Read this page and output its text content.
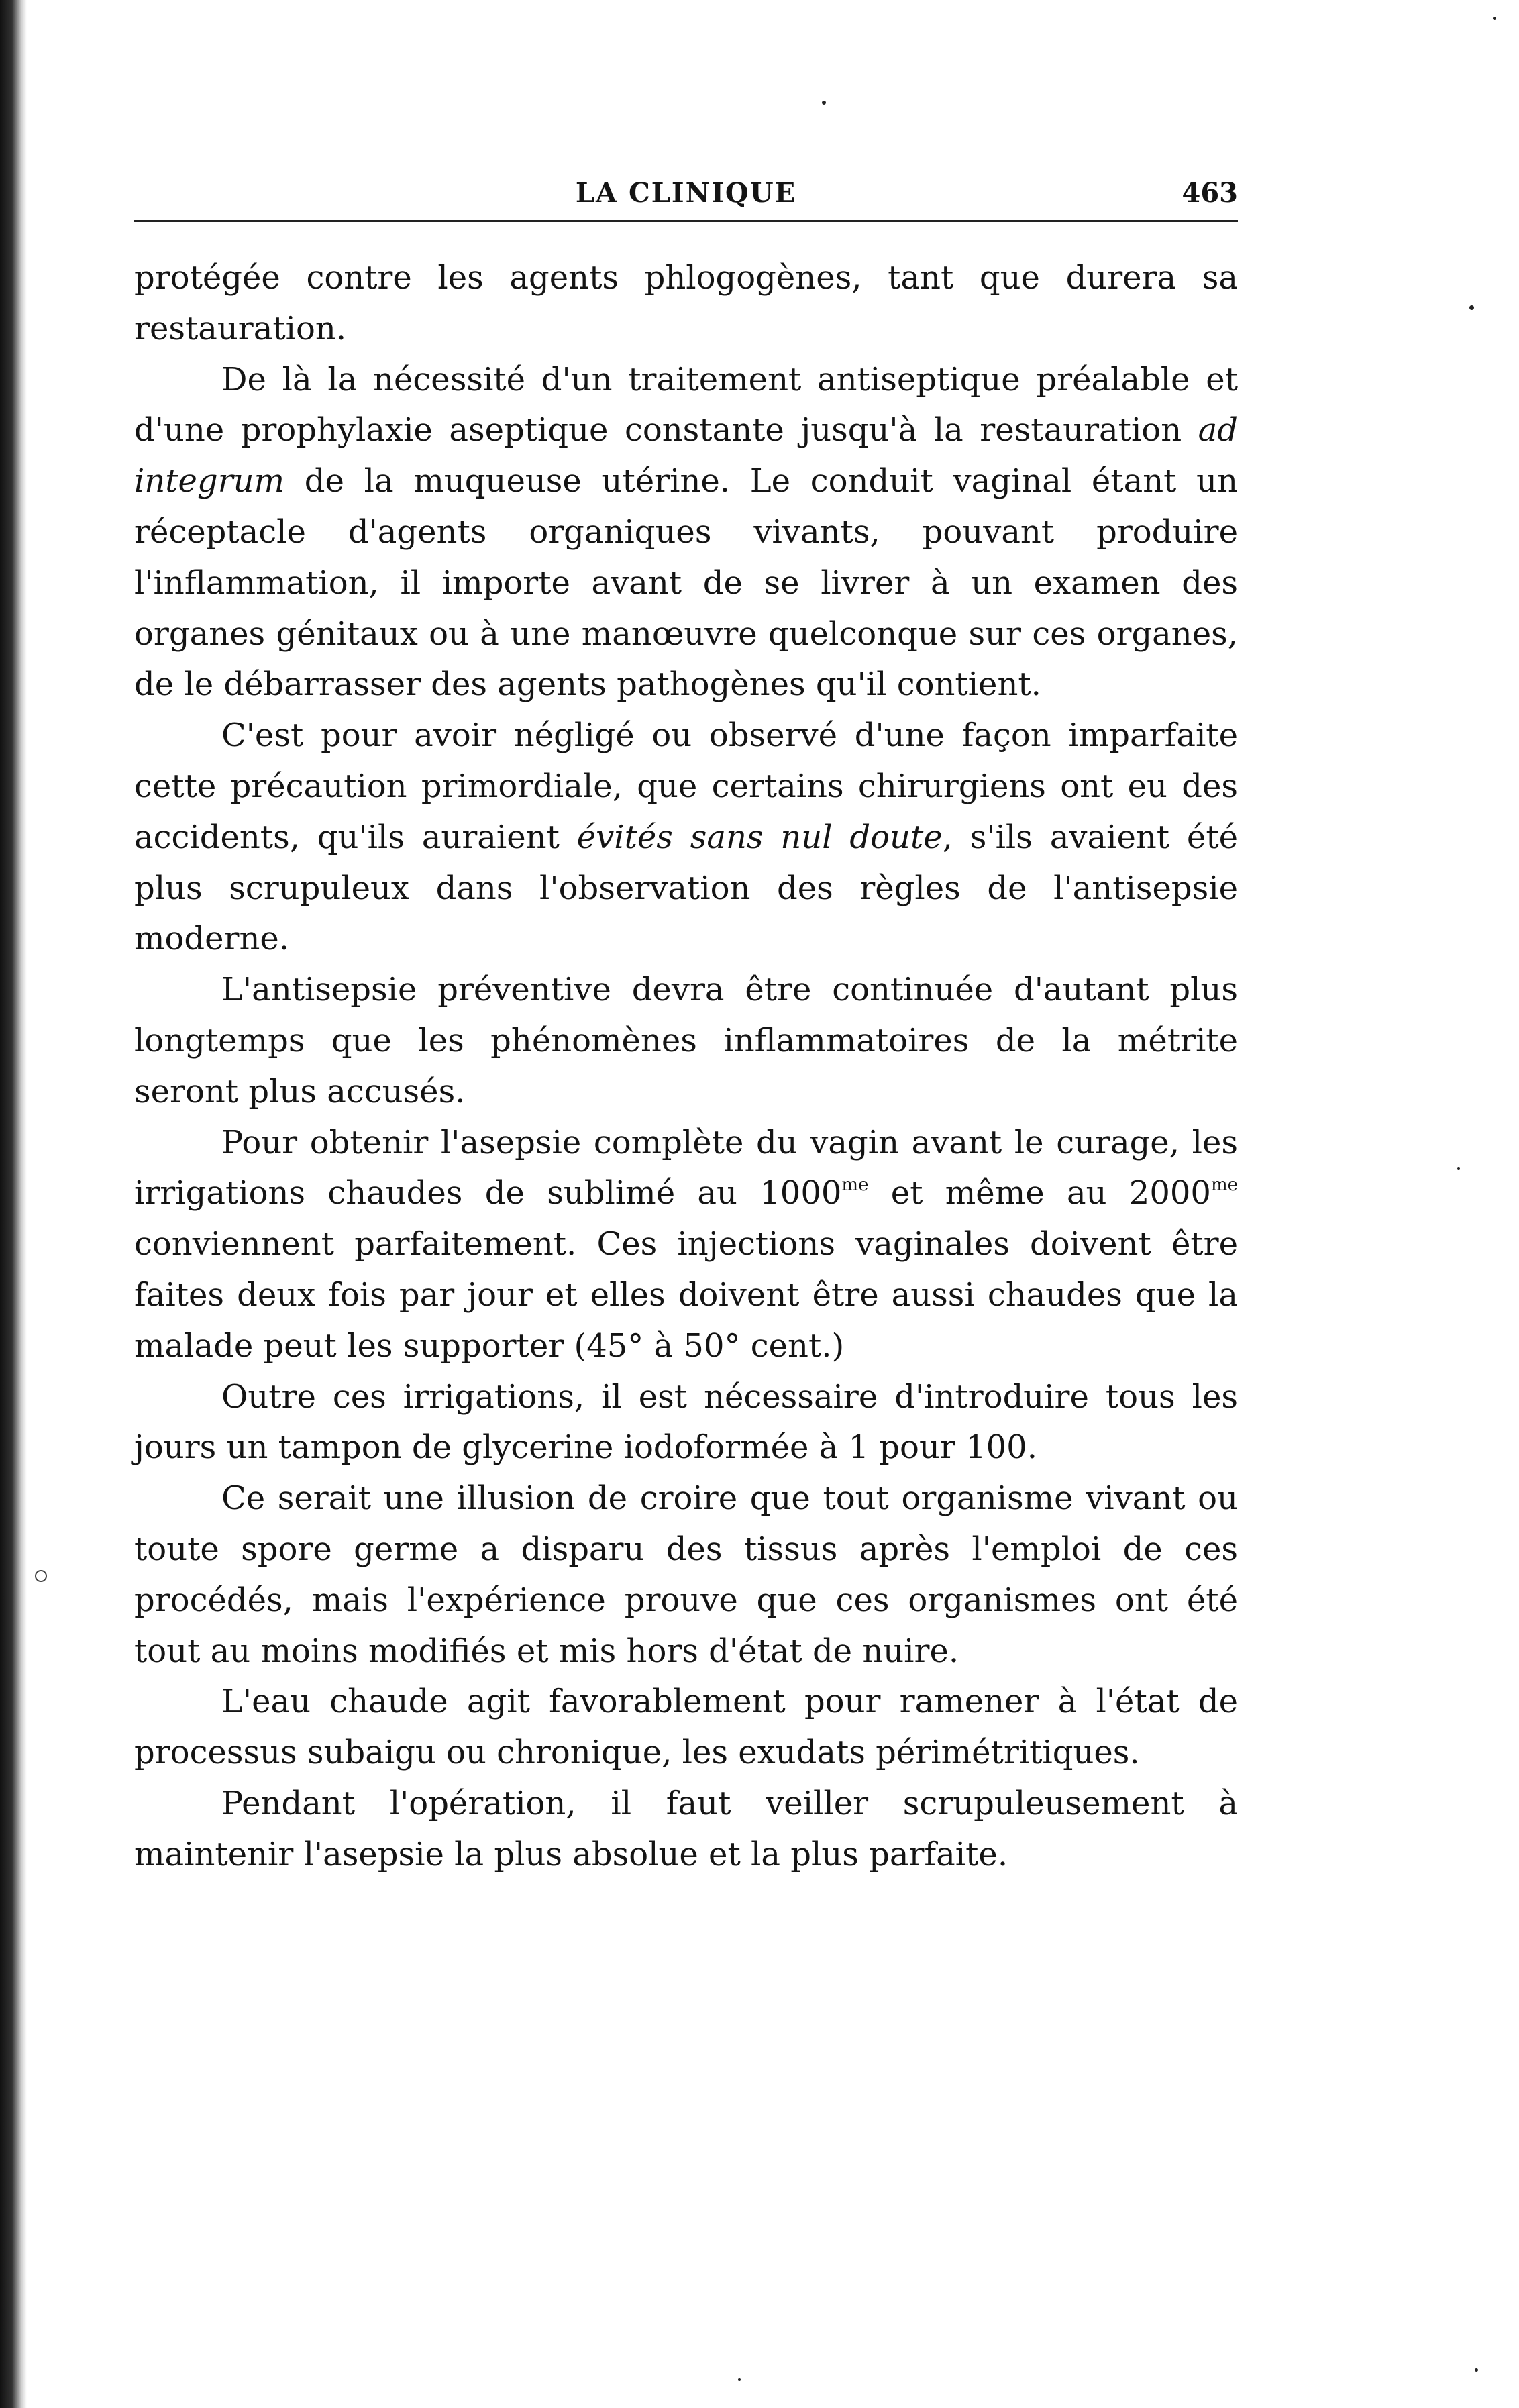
LA CLINIQUE	463

protégée contre les agents phlogogènes, tant que durera sa restauration.

De là la nécessité d'un traitement antiseptique préalable et d'une prophylaxie aseptique constante jusqu'à la restauration ad integrum de la muqueuse utérine. Le conduit vaginal étant un réceptacle d'agents organiques vivants, pouvant produire l'inflammation, il importe avant de se livrer à un examen des organes génitaux ou à une manœuvre quelconque sur ces organes, de le débarrasser des agents pathogènes qu'il contient.

C'est pour avoir négligé ou observé d'une façon imparfaite cette précaution primordiale, que certains chirurgiens ont eu des accidents, qu'ils auraient évités sans nul doute, s'ils avaient été plus scrupuleux dans l'observation des règles de l'antisepsie moderne.

L'antisepsie préventive devra être continuée d'autant plus longtemps que les phénomènes inflammatoires de la métrite seront plus accusés.

Pour obtenir l'asepsie complète du vagin avant le curage, les irrigations chaudes de sublimé au $1000^{me}$ et même au $2000^{me}$ conviennent parfaitement. Ces injections vaginales doivent être faites deux fois par jour et elles doivent être aussi chaudes que la malade peut les supporter (45° à 50° cent.)

Outre ces irrigations, il est nécessaire d'introduire tous les jours un tampon de glycerine iodoformée à 1 pour 100.

Ce serait une illusion de croire que tout organisme vivant ou toute spore germe a disparu des tissus après l'emploi de ces procédés, mais l'expérience prouve que ces organismes ont été tout au moins modifiés et mis hors d'état de nuire.

L'eau chaude agit favorablement pour ramener à l'état de processus subaigu ou chronique, les exudats périmétritiques.

Pendant l'opération, il faut veiller scrupuleusement à maintenir l'asepsie la plus absolue et la plus parfaite.
